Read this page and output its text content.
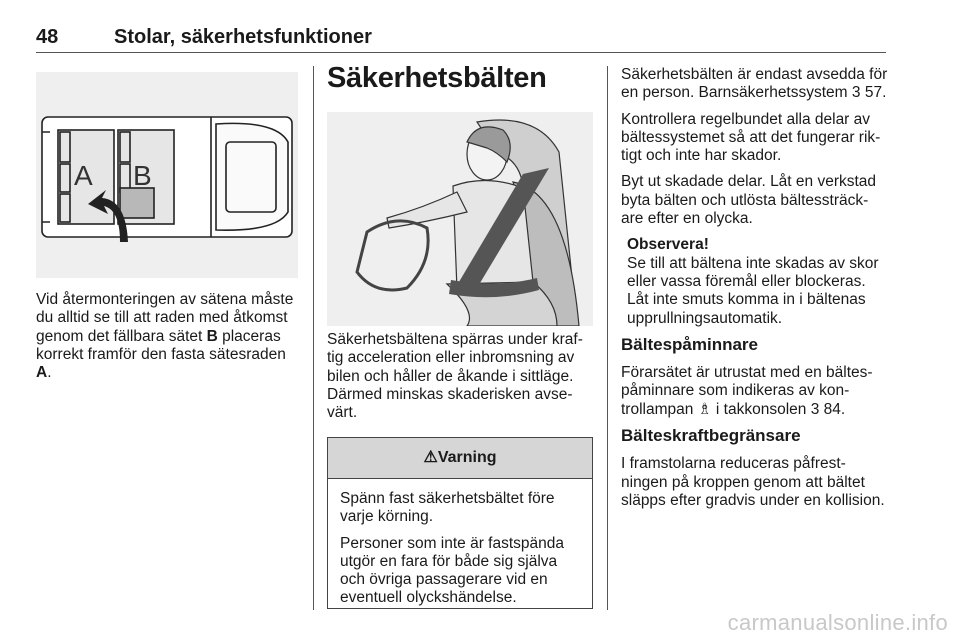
48	Stolar, säkerhetsfunktioner
A B

Vid återmonteringen av sätena måste du alltid se till att raden med åtkomst genom det fällbara sätet B placeras korrekt framför den fasta sätesraden A.

Säkerhetsbälten

Säkerhetsbältena spärras under kraf-tig acceleration eller inbromsning av bilen och håller de åkande i sittläge. Därmed minskas skaderisken avse-värt.

⚠Varning

Spänn fast säkerhetsbältet före varje körning.

Personer som inte är fastspända utgör en fara för både sig själva och övriga passagerare vid en eventuell olyckshändelse.

Säkerhetsbälten är endast avsedda för en person. Barnsäkerhetssystem 3 57.

Kontrollera regelbundet alla delar av bältessystemet så att det fungerar rik-tigt och inte har skador.

Byt ut skadade delar. Låt en verkstad byta bälten och utlösta bältessträck-are efter en olycka.

Observera!

Se till att bältena inte skadas av skor eller vassa föremål eller blockeras. Låt inte smuts komma in i bältenas upprullningsautomatik.

Bältespåminnare

Förarsätet är utrustat med en bältes-påminnare som indikeras av kon-trollampan ♗ i takkonsolen 3 84.

Bälteskraftbegränsare

I framstolarna reduceras påfrest-ningen på kroppen genom att bältet släpps efter gradvis under en kollision.

carmanualsonline.info
